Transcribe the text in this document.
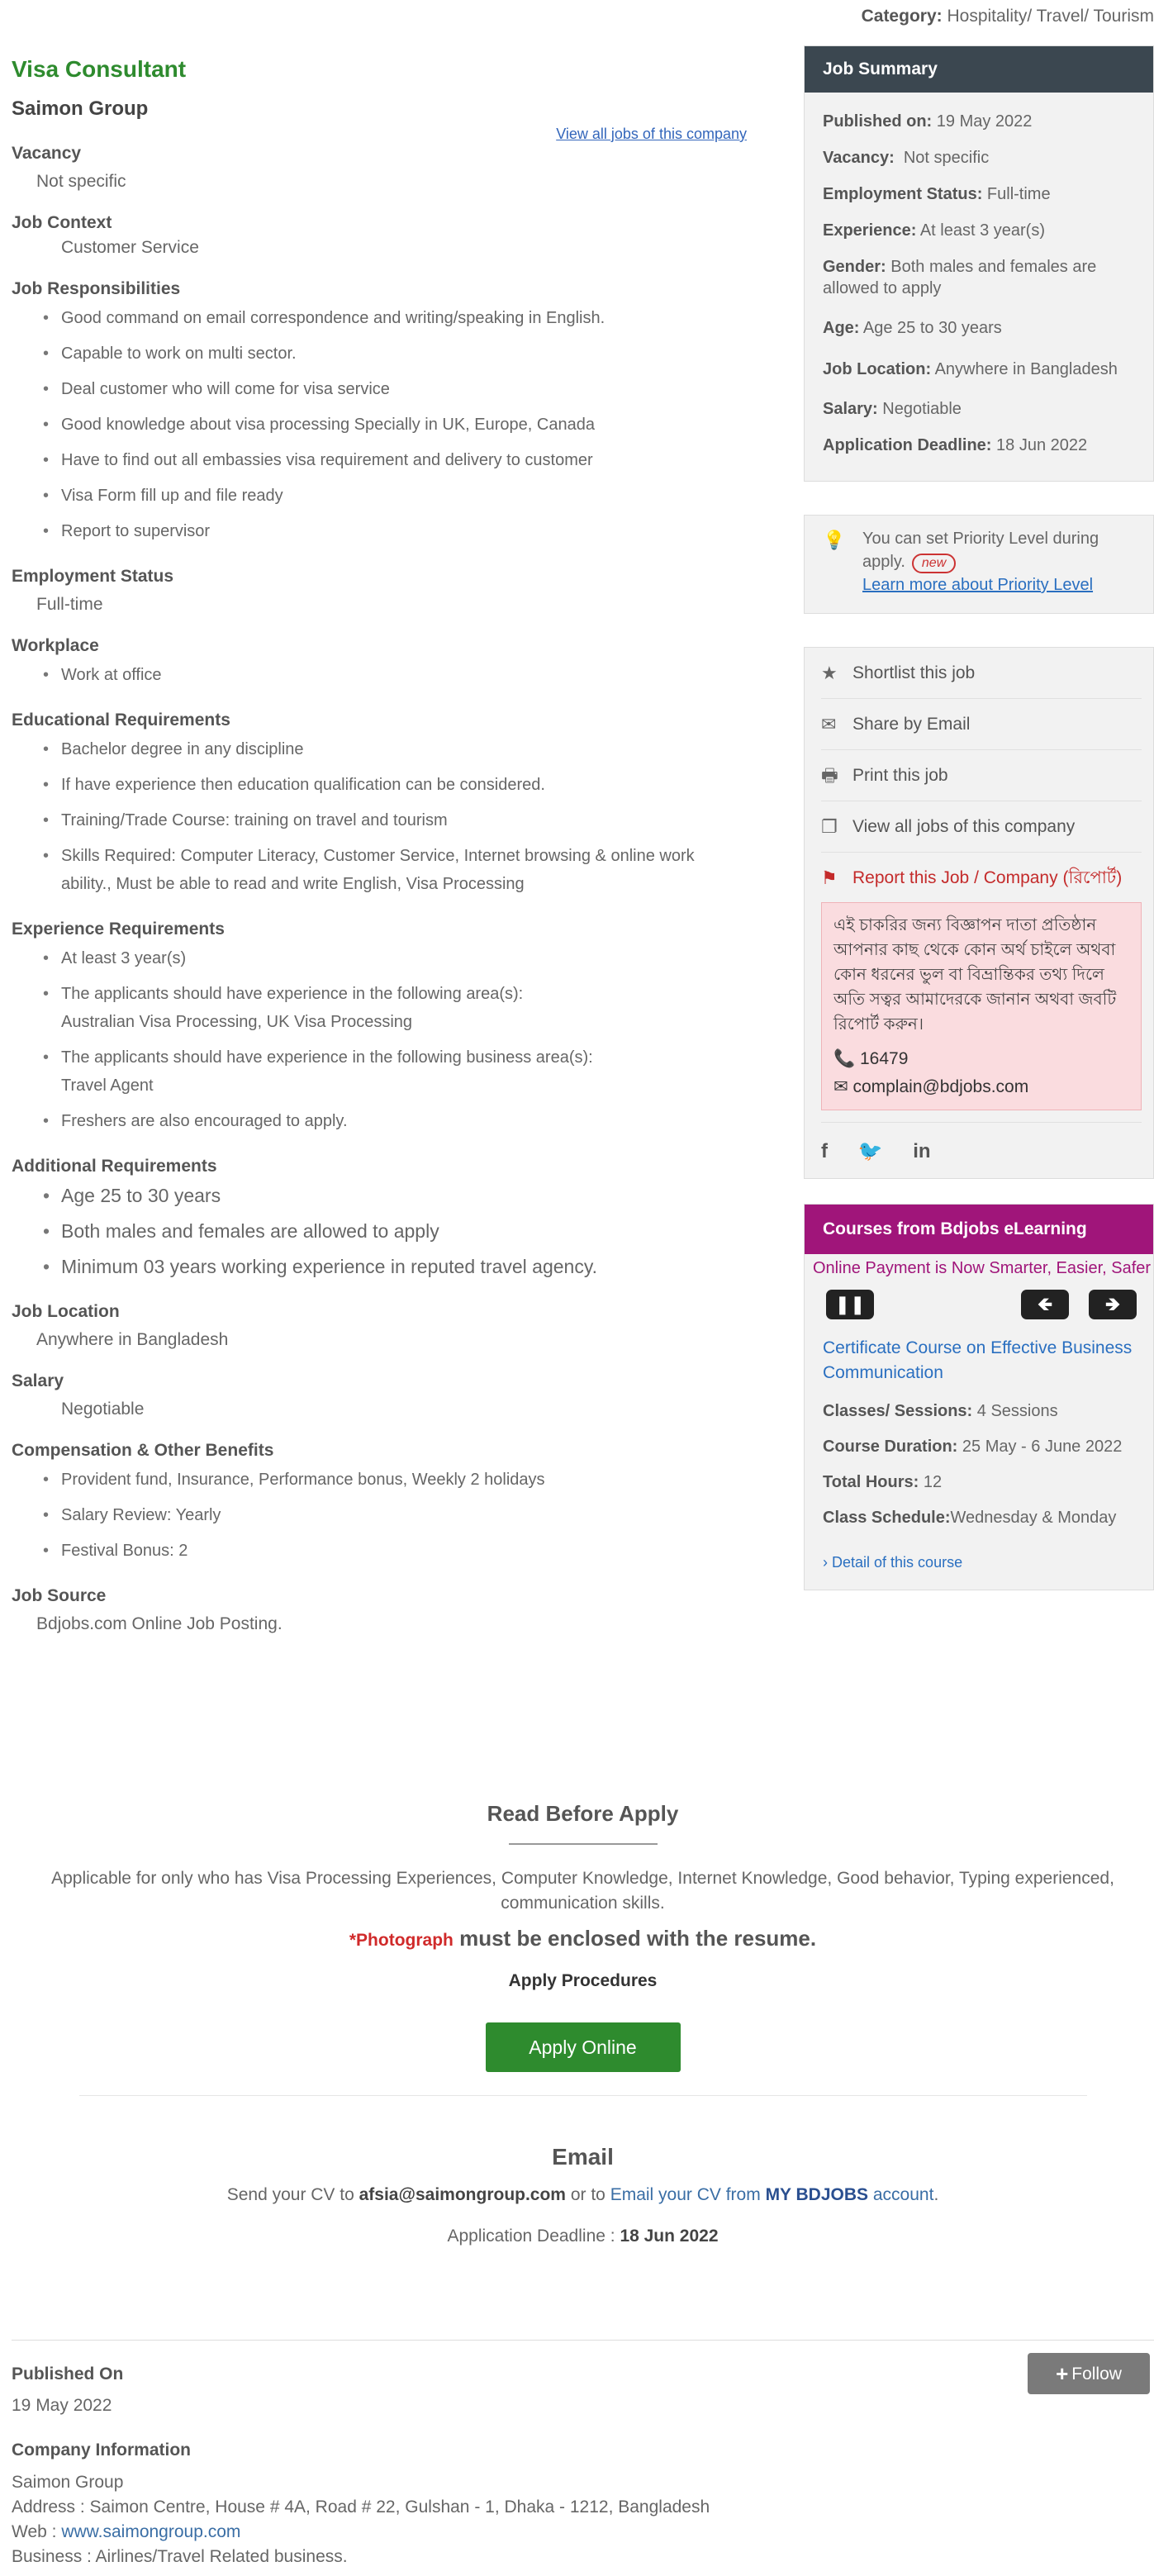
Category: Hospitality/ Travel/ Tourism
Visa Consultant
Saimon Group
View all jobs of this company
Vacancy
Not specific
Job Context
Customer Service
Job Responsibilities
• Good command on email correspondence and writing/speaking in English.
• Capable to work on multi sector.
• Deal customer who will come for visa service
• Good knowledge about visa processing Specially in UK, Europe, Canada
• Have to find out all embassies visa requirement and delivery to customer
• Visa Form fill up and file ready
• Report to supervisor
Employment Status
Full-time
Workplace
• Work at office
Educational Requirements
• Bachelor degree in any discipline
• If have experience then education qualification can be considered.
• Training/Trade Course: training on travel and tourism
• Skills Required: Computer Literacy, Customer Service, Internet browsing & online work ability., Must be able to read and write English, Visa Processing
Experience Requirements
• At least 3 year(s)
• The applicants should have experience in the following area(s):
Australian Visa Processing, UK Visa Processing
• The applicants should have experience in the following business area(s):
Travel Agent
• Freshers are also encouraged to apply.
Additional Requirements
• Age 25 to 30 years
• Both males and females are allowed to apply
• Minimum 03 years working experience in reputed travel agency.
Job Location
Anywhere in Bangladesh
Salary
Negotiable
Compensation & Other Benefits
• Provident fund, Insurance, Performance bonus, Weekly 2 holidays
• Salary Review: Yearly
• Festival Bonus: 2
Job Source
Bdjobs.com Online Job Posting.
Read Before Apply
Applicable for only who has Visa Processing Experiences, Computer Knowledge, Internet Knowledge, Good behavior, Typing experienced, communication skills.
*Photograph must be enclosed with the resume.
Apply Procedures
Apply Online
Email
Send your CV to afsia@saimongroup.com or to Email your CV from MY BDJOBS account.
Application Deadline : 18 Jun 2022
+ Follow
Published On
19 May 2022
Company Information
Saimon Group
Address : Saimon Centre, House # 4A, Road # 22, Gulshan - 1, Dhaka - 1212, Bangladesh
Web : www.saimongroup.com
Business : Airlines/Travel Related business.
Job Summary
Published on: 19 May 2022
Vacancy:  Not specific
Employment Status: Full-time
Experience: At least 3 year(s)
Gender: Both males and females are allowed to apply
Age: Age 25 to 30 years
Job Location: Anywhere in Bangladesh
Salary: Negotiable
Application Deadline: 18 Jun 2022
💡 You can set Priority Level during apply. new
Learn more about Priority Level
★ Shortlist this job
✉ Share by Email
🖶 Print this job
❐ View all jobs of this company
⚑ Report this Job / Company (রিপোর্ট)
এই চাকরির জন্য বিজ্ঞাপন দাতা প্রতিষ্ঠান আপনার কাছ থেকে কোন অর্থ চাইলে অথবা কোন ধরনের ভুল বা বিভ্রান্তিকর তথ্য দিলে অতি সত্বর আমাদেরকে জানান অথবা জবটি রিপোর্ট করুন।
📞 16479
✉ complain@bdjobs.com
f 🐦 in
Courses from Bdjobs eLearning
Online Payment is Now Smarter, Easier, Safer
❚❚	🡸	🡺
Certificate Course on Effective Business Communication
Classes/ Sessions: 4 Sessions
Course Duration: 25 May - 6 June 2022
Total Hours: 12
Class Schedule:Wednesday & Monday
› Detail of this course
